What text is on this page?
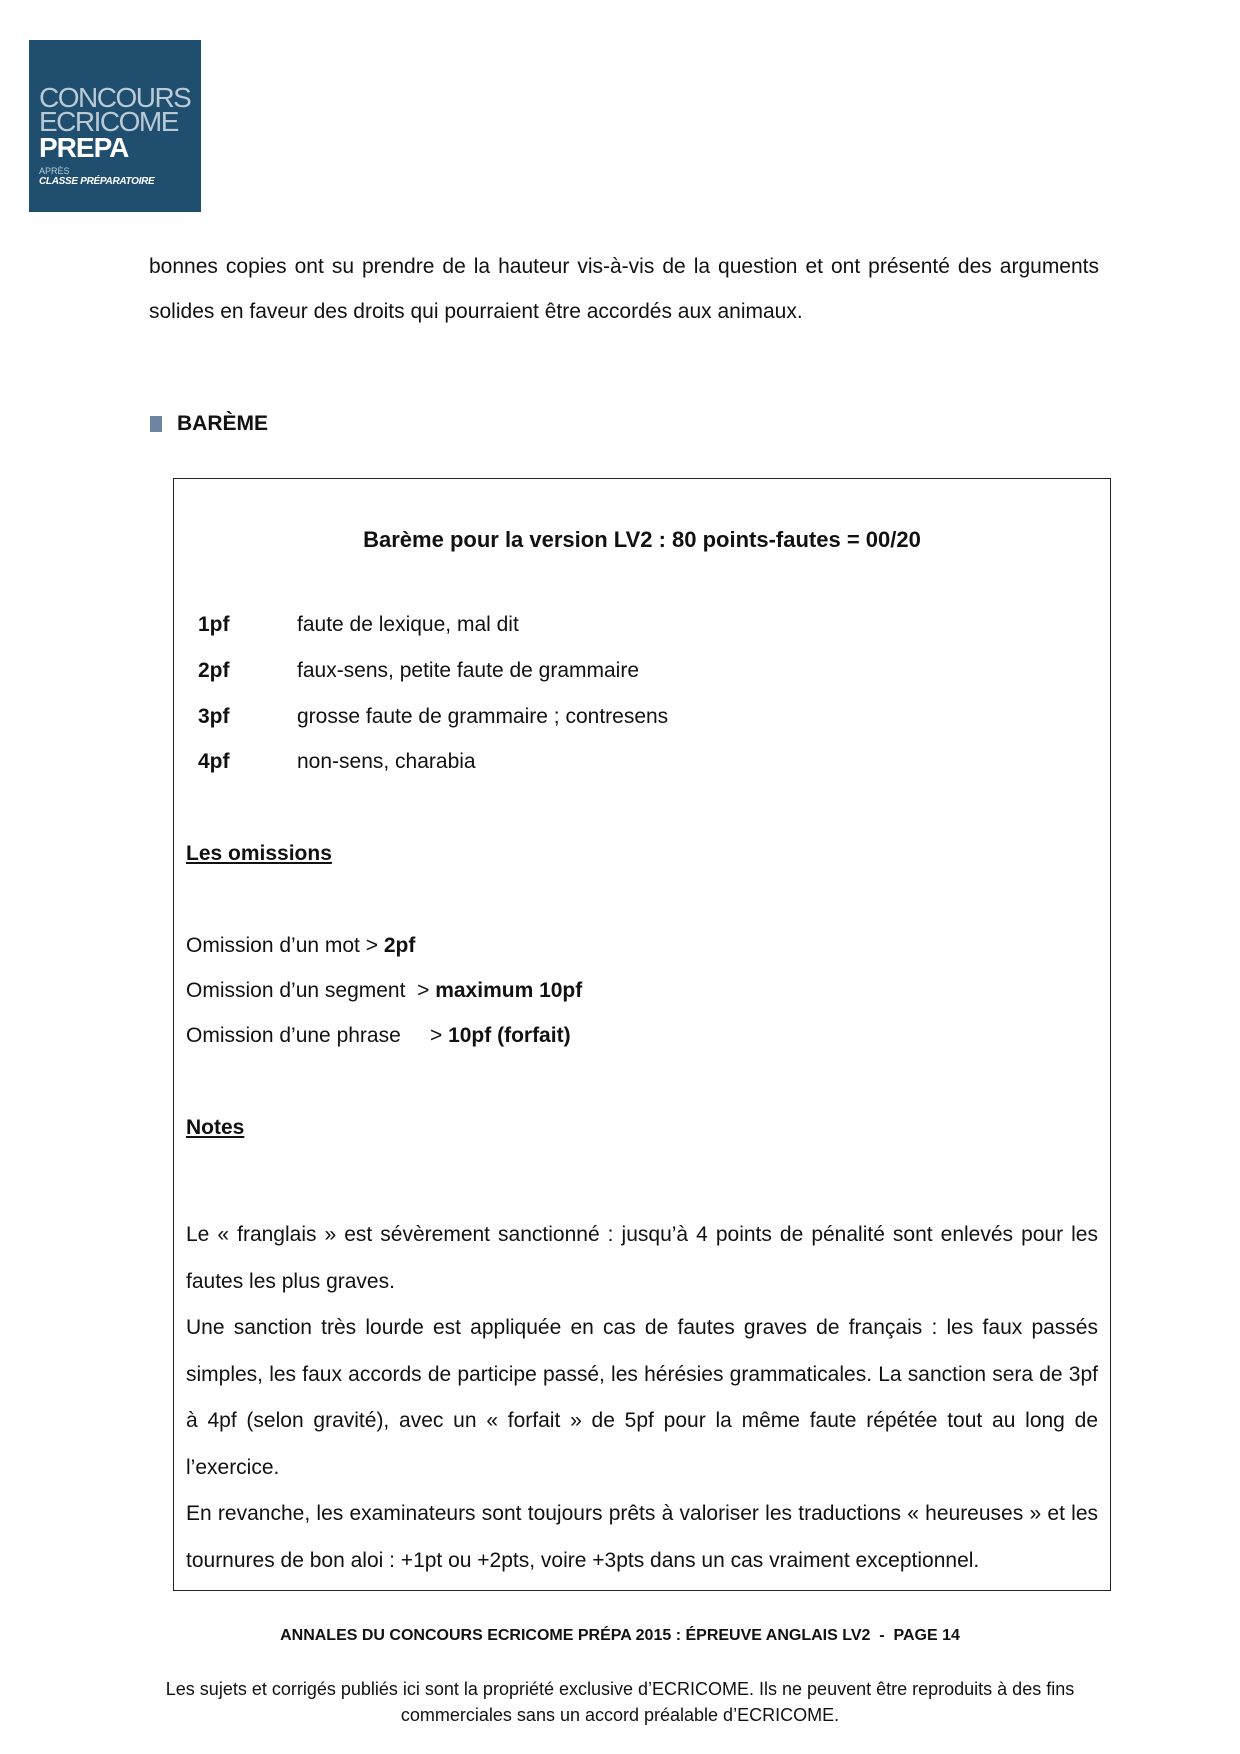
CONCOURS
ECRICOME
PREPA
APRÈS
CLASSE PRÉPARATOIRE

bonnes copies ont su prendre de la hauteur vis-à-vis de la question et ont présenté des arguments solides en faveur des droits qui pourraient être accordés aux animaux.

BARÈME
Barème pour la version LV2 : 80 points-fautes = 00/20
1pf	faute de lexique, mal dit
2pf	faux-sens, petite faute de grammaire
3pf	grosse faute de grammaire ; contresens
4pf	non-sens, charabia
Les omissions
Omission d’un mot > 2pf
Omission d’un segment  > maximum 10pf
Omission d’une phrase     > 10pf (forfait)
Notes

Le « franglais » est sévèrement sanctionné : jusqu’à 4 points de pénalité sont enlevés pour les fautes les plus graves.

Une sanction très lourde est appliquée en cas de fautes graves de français : les faux passés simples, les faux accords de participe passé, les hérésies grammaticales. La sanction sera de 3pf à 4pf (selon gravité), avec un « forfait » de 5pf pour la même faute répétée tout au long de l’exercice.

En revanche, les examinateurs sont toujours prêts à valoriser les traductions « heureuses » et les tournures de bon aloi : +1pt ou +2pts, voire +3pts dans un cas vraiment exceptionnel.

ANNALES DU CONCOURS ECRICOME PRÉPA 2015 : ÉPREUVE ANGLAIS LV2  -  PAGE 14
Les sujets et corrigés publiés ici sont la propriété exclusive d’ECRICOME. Ils ne peuvent être reproduits à des fins commerciales sans un accord préalable d’ECRICOME.
